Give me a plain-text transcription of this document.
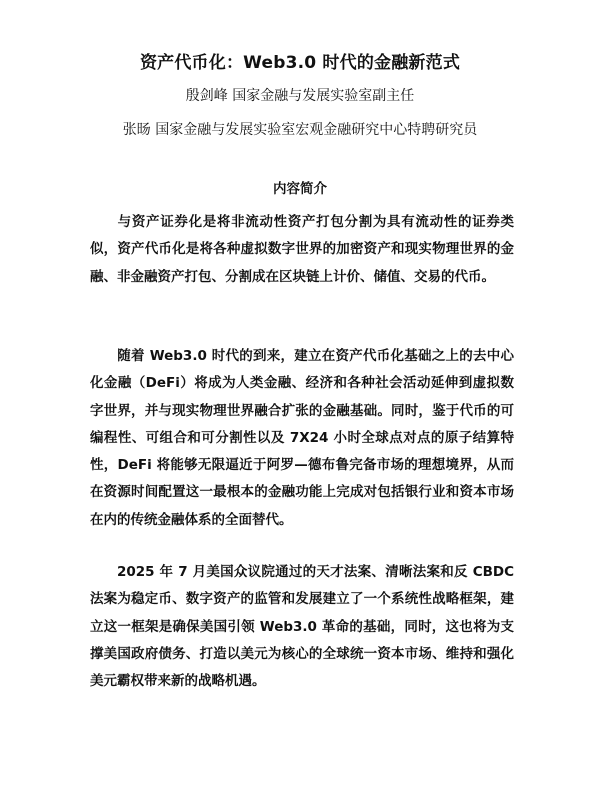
资产代币化：Web3.0 时代的金融新范式
殷剑峰 国家金融与发展实验室副主任
张旸 国家金融与发展实验室宏观金融研究中心特聘研究员
内容简介

与资产证券化是将非流动性资产打包分割为具有流动性的证券类似，资产代币化是将各种虚拟数字世界的加密资产和现实物理世界的金融、非金融资产打包、分割成在区块链上计价、储值、交易的代币。

随着 Web3.0 时代的到来，建立在资产代币化基础之上的去中心化金融（DeFi）将成为人类金融、经济和各种社会活动延伸到虚拟数字世界，并与现实物理世界融合扩张的金融基础。同时，鉴于代币的可编程性、可组合和可分割性以及 7X24 小时全球点对点的原子结算特性，DeFi 将能够无限逼近于阿罗—德布鲁完备市场的理想境界，从而在资源时间配置这一最根本的金融功能上完成对包括银行业和资本市场在内的传统金融体系的全面替代。

2025 年 7 月美国众议院通过的天才法案、清晰法案和反 CBDC 法案为稳定币、数字资产的监管和发展建立了一个系统性战略框架，建立这一框架是确保美国引领 Web3.0 革命的基础，同时，这也将为支撑美国政府债务、打造以美元为核心的全球统一资本市场、维持和强化美元霸权带来新的战略机遇。
